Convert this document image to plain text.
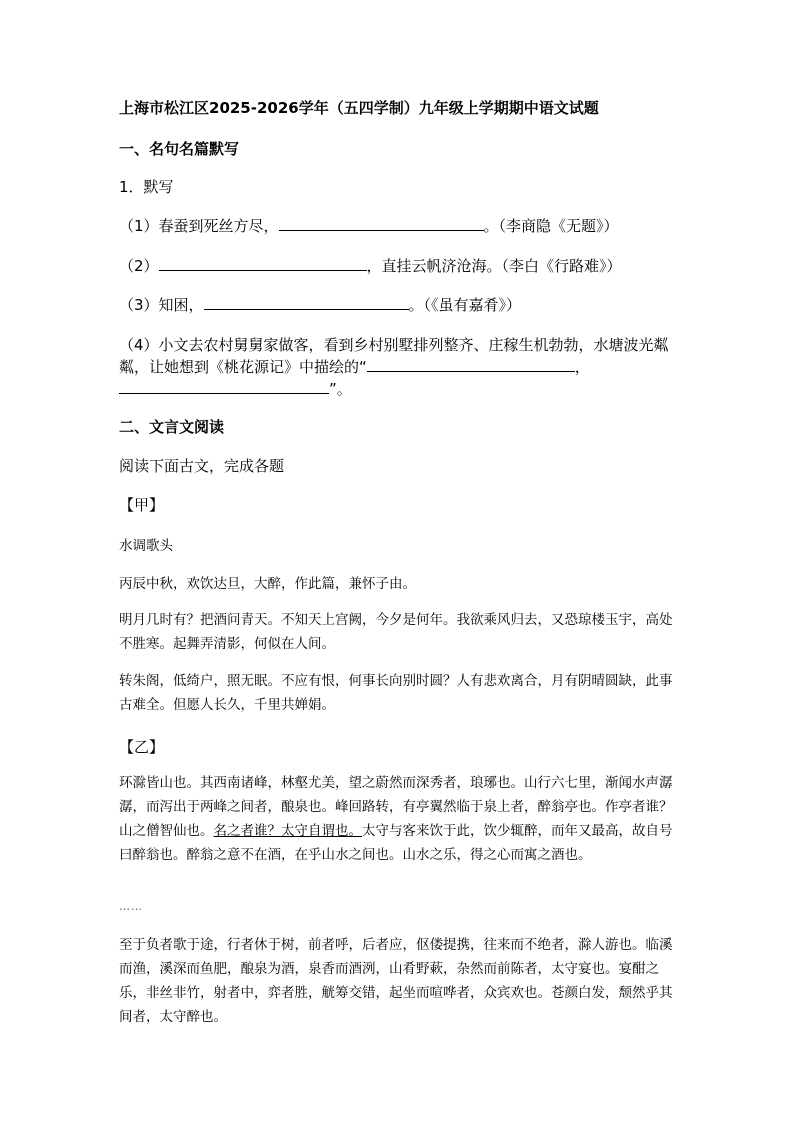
上海市松江区2025-2026学年（五四学制）九年级上学期期中语文试题
一、名句名篇默写
1．默写
（1）春蚕到死丝方尽，	。（李商隐《无题》）
（2）	，直挂云帆济沧海。（李白《行路难》）
（3）知困，	。（《虽有嘉肴》）
（4）小文去农村舅舅家做客，看到乡村别墅排列整齐、庄稼生机勃勃，水塘波光粼粼，让她想到《桃花源记》中描绘的“	，”。
二、文言文阅读
阅读下面古文，完成各题
【甲】
水调歌头
丙辰中秋，欢饮达旦，大醉，作此篇，兼怀子由。
明月几时有？把酒问青天。不知天上宫阙，今夕是何年。我欲乘风归去，又恐琼楼玉宇，高处不胜寒。起舞弄清影，何似在人间。
转朱阁，低绮户，照无眠。不应有恨，何事长向别时圆？人有悲欢离合，月有阴晴圆缺，此事古难全。但愿人长久，千里共婵娟。
【乙】
环滁皆山也。其西南诸峰，林壑尤美，望之蔚然而深秀者，琅琊也。山行六七里，渐闻水声潺潺，而泻出于两峰之间者，酿泉也。峰回路转，有亭翼然临于泉上者，醉翁亭也。作亭者谁？山之僧智仙也。名之者谁？太守自谓也。太守与客来饮于此，饮少辄醉，而年又最高，故自号曰醉翁也。醉翁之意不在酒，在乎山水之间也。山水之乐，得之心而寓之酒也。
……
至于负者歌于途，行者休于树，前者呼，后者应，伛偻提携，往来而不绝者，滁人游也。临溪而渔，溪深而鱼肥，酿泉为酒，泉香而酒洌，山肴野蔌，杂然而前陈者，太守宴也。宴酣之乐，非丝非竹，射者中，弈者胜，觥筹交错，起坐而喧哗者，众宾欢也。苍颜白发，颓然乎其间者，太守醉也。
